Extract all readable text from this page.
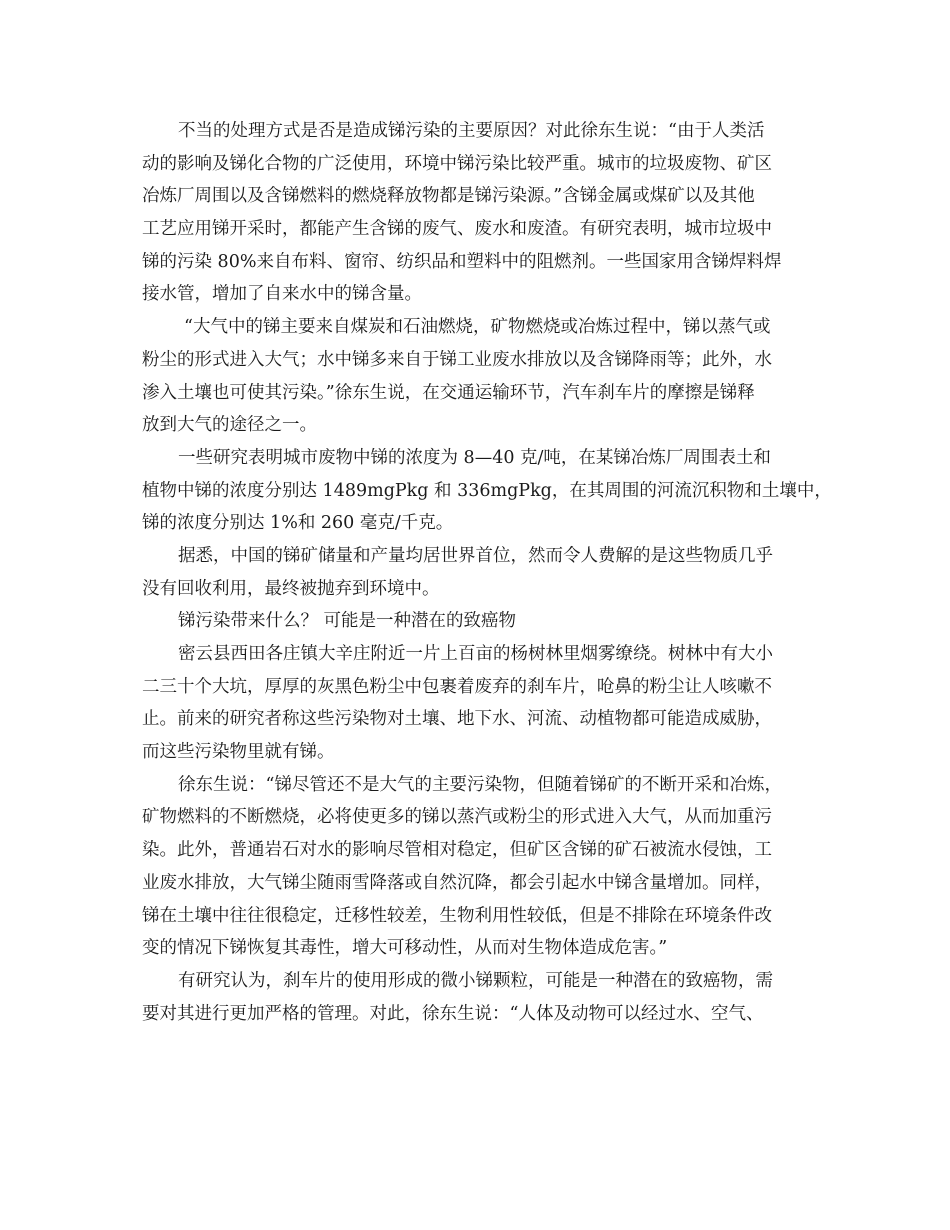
不当的处理方式是否是造成锑污染的主要原因？对此徐东生说：“由于人类活
动的影响及锑化合物的广泛使用，环境中锑污染比较严重。城市的垃圾废物、矿区
冶炼厂周围以及含锑燃料的燃烧释放物都是锑污染源。”含锑金属或煤矿以及其他
工艺应用锑开采时，都能产生含锑的废气、废水和废渣。有研究表明，城市垃圾中
锑的污染 80%来自布料、窗帘、纺织品和塑料中的阻燃剂。一些国家用含锑焊料焊
接水管，增加了自来水中的锑含量。
“大气中的锑主要来自煤炭和石油燃烧，矿物燃烧或冶炼过程中，锑以蒸气或
粉尘的形式进入大气；水中锑多来自于锑工业废水排放以及含锑降雨等；此外，水
渗入土壤也可使其污染。”徐东生说，在交通运输环节，汽车刹车片的摩擦是锑释
放到大气的途径之一。
一些研究表明城市废物中锑的浓度为 8—40 克/吨，在某锑冶炼厂周围表土和
植物中锑的浓度分别达 1489mgPkg 和 336mgPkg，在其周围的河流沉积物和土壤中，
锑的浓度分别达 1%和 260 毫克/千克。
据悉，中国的锑矿储量和产量均居世界首位，然而令人费解的是这些物质几乎
没有回收利用，最终被抛弃到环境中。
锑污染带来什么？ 可能是一种潜在的致癌物
密云县西田各庄镇大辛庄附近一片上百亩的杨树林里烟雾缭绕。树林中有大小
二三十个大坑，厚厚的灰黑色粉尘中包裹着废弃的刹车片，呛鼻的粉尘让人咳嗽不
止。前来的研究者称这些污染物对土壤、地下水、河流、动植物都可能造成威胁，
而这些污染物里就有锑。
徐东生说：“锑尽管还不是大气的主要污染物，但随着锑矿的不断开采和冶炼，
矿物燃料的不断燃烧，必将使更多的锑以蒸汽或粉尘的形式进入大气，从而加重污
染。此外，普通岩石对水的影响尽管相对稳定，但矿区含锑的矿石被流水侵蚀，工
业废水排放，大气锑尘随雨雪降落或自然沉降，都会引起水中锑含量增加。同样，
锑在土壤中往往很稳定，迁移性较差，生物利用性较低，但是不排除在环境条件改
变的情况下锑恢复其毒性，增大可移动性，从而对生物体造成危害。”
有研究认为，刹车片的使用形成的微小锑颗粒，可能是一种潜在的致癌物，需
要对其进行更加严格的管理。对此，徐东生说：“人体及动物可以经过水、空气、
